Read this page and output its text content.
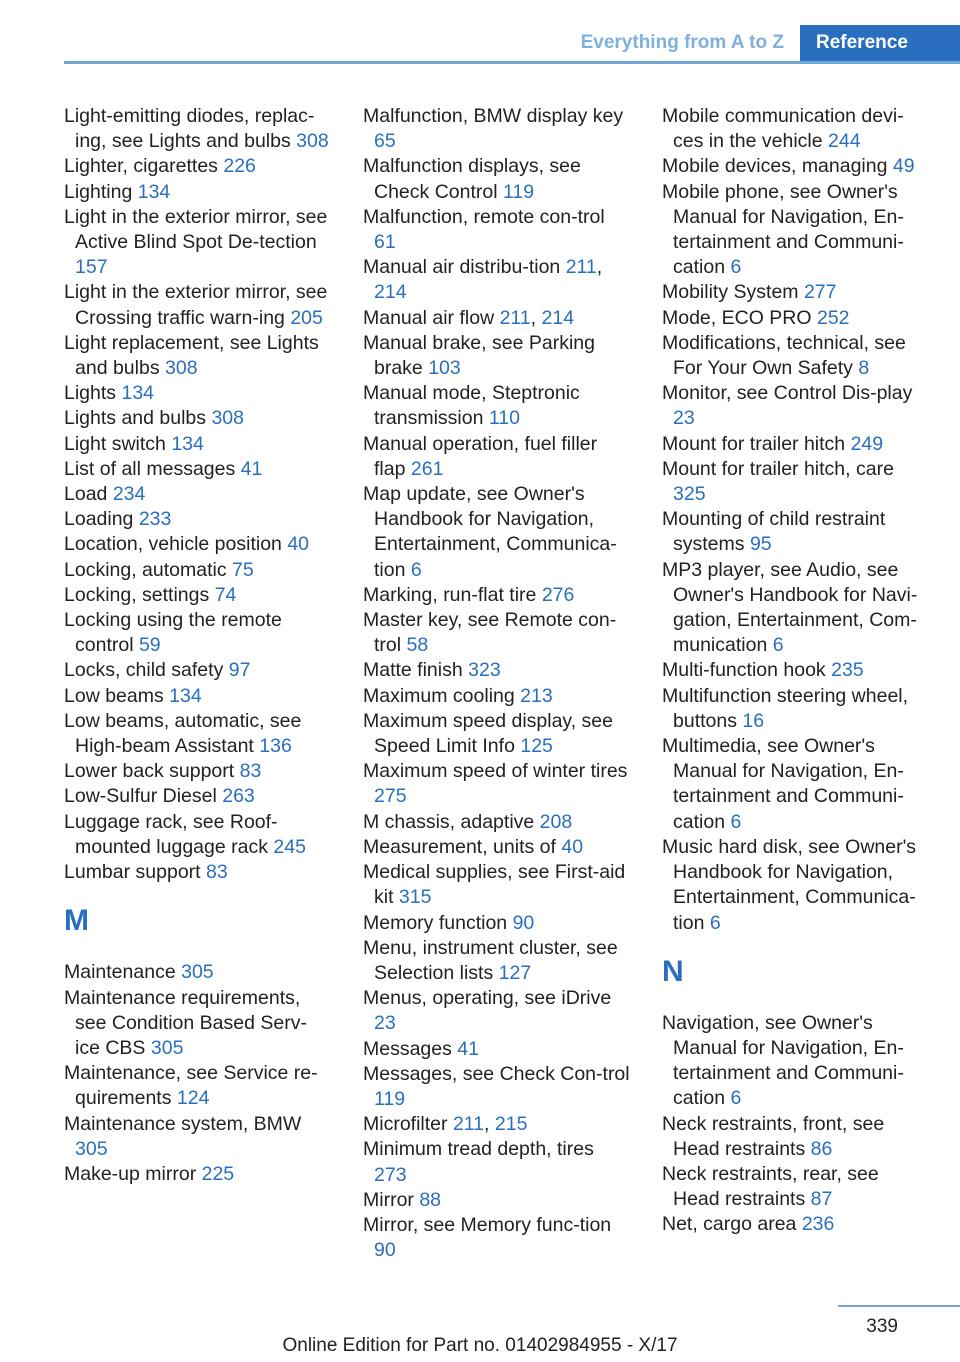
Everything from A to Z	Reference
Light-emitting diodes, replac‐ing, see Lights and bulbs 308
Lighter, cigarettes 226
Lighting 134
Light in the exterior mirror, see Active Blind Spot De‐tection 157
Light in the exterior mirror, see Crossing traffic warn‐ing 205
Light replacement, see Lights and bulbs 308
Lights 134
Lights and bulbs 308
Light switch 134
List of all messages 41
Load 234
Loading 233
Location, vehicle position 40
Locking, automatic 75
Locking, settings 74
Locking using the remote control 59
Locks, child safety 97
Low beams 134
Low beams, automatic, see High-beam Assistant 136
Lower back support 83
Low-Sulfur Diesel 263
Luggage rack, see Roof-mounted luggage rack 245
Lumbar support 83
M
Maintenance 305
Maintenance requirements, see Condition Based Serv‐ice CBS 305
Maintenance, see Service re‐quirements 124
Maintenance system, BMW 305
Make-up mirror 225
Malfunction, BMW display key 65
Malfunction displays, see Check Control 119
Malfunction, remote con‐trol 61
Manual air distribu‐tion 211, 214
Manual air flow 211, 214
Manual brake, see Parking brake 103
Manual mode, Steptronic transmission 110
Manual operation, fuel filler flap 261
Map update, see Owner's Handbook for Navigation, Entertainment, Communica‐tion 6
Marking, run-flat tire 276
Master key, see Remote con‐trol 58
Matte finish 323
Maximum cooling 213
Maximum speed display, see Speed Limit Info 125
Maximum speed of winter tires 275
M chassis, adaptive 208
Measurement, units of 40
Medical supplies, see First-aid kit 315
Memory function 90
Menu, instrument cluster, see Selection lists 127
Menus, operating, see iDrive 23
Messages 41
Messages, see Check Con‐trol 119
Microfilter 211, 215
Minimum tread depth, tires 273
Mirror 88
Mirror, see Memory func‐tion 90
Mobile communication devi‐ces in the vehicle 244
Mobile devices, managing 49
Mobile phone, see Owner's Manual for Navigation, En‐tertainment and Communi‐cation 6
Mobility System 277
Mode, ECO PRO 252
Modifications, technical, see For Your Own Safety 8
Monitor, see Control Dis‐play 23
Mount for trailer hitch 249
Mount for trailer hitch, care 325
Mounting of child restraint systems 95
MP3 player, see Audio, see Owner's Handbook for Navi‐gation, Entertainment, Com‐munication 6
Multi-function hook 235
Multifunction steering wheel, buttons 16
Multimedia, see Owner's Manual for Navigation, En‐tertainment and Communi‐cation 6
Music hard disk, see Owner's Handbook for Navigation, Entertainment, Communica‐tion 6
N
Navigation, see Owner's Manual for Navigation, En‐tertainment and Communi‐cation 6
Neck restraints, front, see Head restraints 86
Neck restraints, rear, see Head restraints 87
Net, cargo area 236
339
Online Edition for Part no. 01402984955 - X/17
